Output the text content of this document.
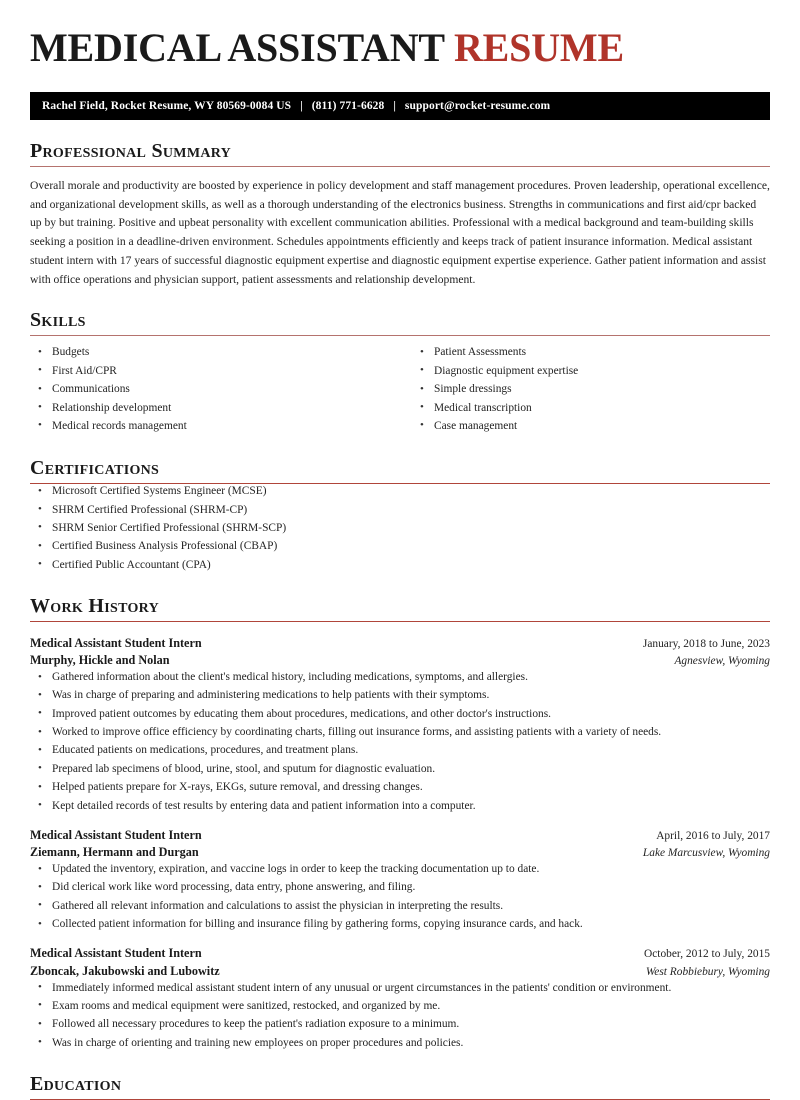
MEDICAL ASSISTANT RESUME
Rachel Field, Rocket Resume, WY 80569-0084 US | (811) 771-6628 | support@rocket-resume.com
Professional Summary

Overall morale and productivity are boosted by experience in policy development and staff management procedures. Proven leadership, operational excellence, and organizational development skills, as well as a thorough understanding of the electronics business. Strengths in communications and first aid/cpr backed up by but training. Positive and upbeat personality with excellent communication abilities. Professional with a medical background and team-building skills seeking a position in a deadline-driven environment. Schedules appointments efficiently and keeps track of patient insurance information. Medical assistant student intern with 17 years of successful diagnostic equipment expertise and diagnostic equipment expertise experience. Gather patient information and assist with office operations and physician support, patient assessments and relationship development.

Skills
• Budgets
• First Aid/CPR
• Communications
• Relationship development
• Medical records management
• Patient Assessments
• Diagnostic equipment expertise
• Simple dressings
• Medical transcription
• Case management
Certifications
• Microsoft Certified Systems Engineer (MCSE)
• SHRM Certified Professional (SHRM-CP)
• SHRM Senior Certified Professional (SHRM-SCP)
• Certified Business Analysis Professional (CBAP)
• Certified Public Accountant (CPA)
Work History
Medical Assistant Student Intern	January, 2018 to June, 2023
Murphy, Hickle and Nolan	Agnesview, Wyoming
• Gathered information about the client's medical history, including medications, symptoms, and allergies.
• Was in charge of preparing and administering medications to help patients with their symptoms.
• Improved patient outcomes by educating them about procedures, medications, and other doctor's instructions.
• Worked to improve office efficiency by coordinating charts, filling out insurance forms, and assisting patients with a variety of needs.
• Educated patients on medications, procedures, and treatment plans.
• Prepared lab specimens of blood, urine, stool, and sputum for diagnostic evaluation.
• Helped patients prepare for X-rays, EKGs, suture removal, and dressing changes.
• Kept detailed records of test results by entering data and patient information into a computer.
Medical Assistant Student Intern	April, 2016 to July, 2017
Ziemann, Hermann and Durgan	Lake Marcusview, Wyoming
• Updated the inventory, expiration, and vaccine logs in order to keep the tracking documentation up to date.
• Did clerical work like word processing, data entry, phone answering, and filing.
• Gathered all relevant information and calculations to assist the physician in interpreting the results.
• Collected patient information for billing and insurance filing by gathering forms, copying insurance cards, and hack.
Medical Assistant Student Intern	October, 2012 to July, 2015
Zboncak, Jakubowski and Lubowitz	West Robbiebury, Wyoming
• Immediately informed medical assistant student intern of any unusual or urgent circumstances in the patients' condition or environment.
• Exam rooms and medical equipment were sanitized, restocked, and organized by me.
• Followed all necessary procedures to keep the patient's radiation exposure to a minimum.
• Was in charge of orienting and training new employees on proper procedures and policies.
Education
